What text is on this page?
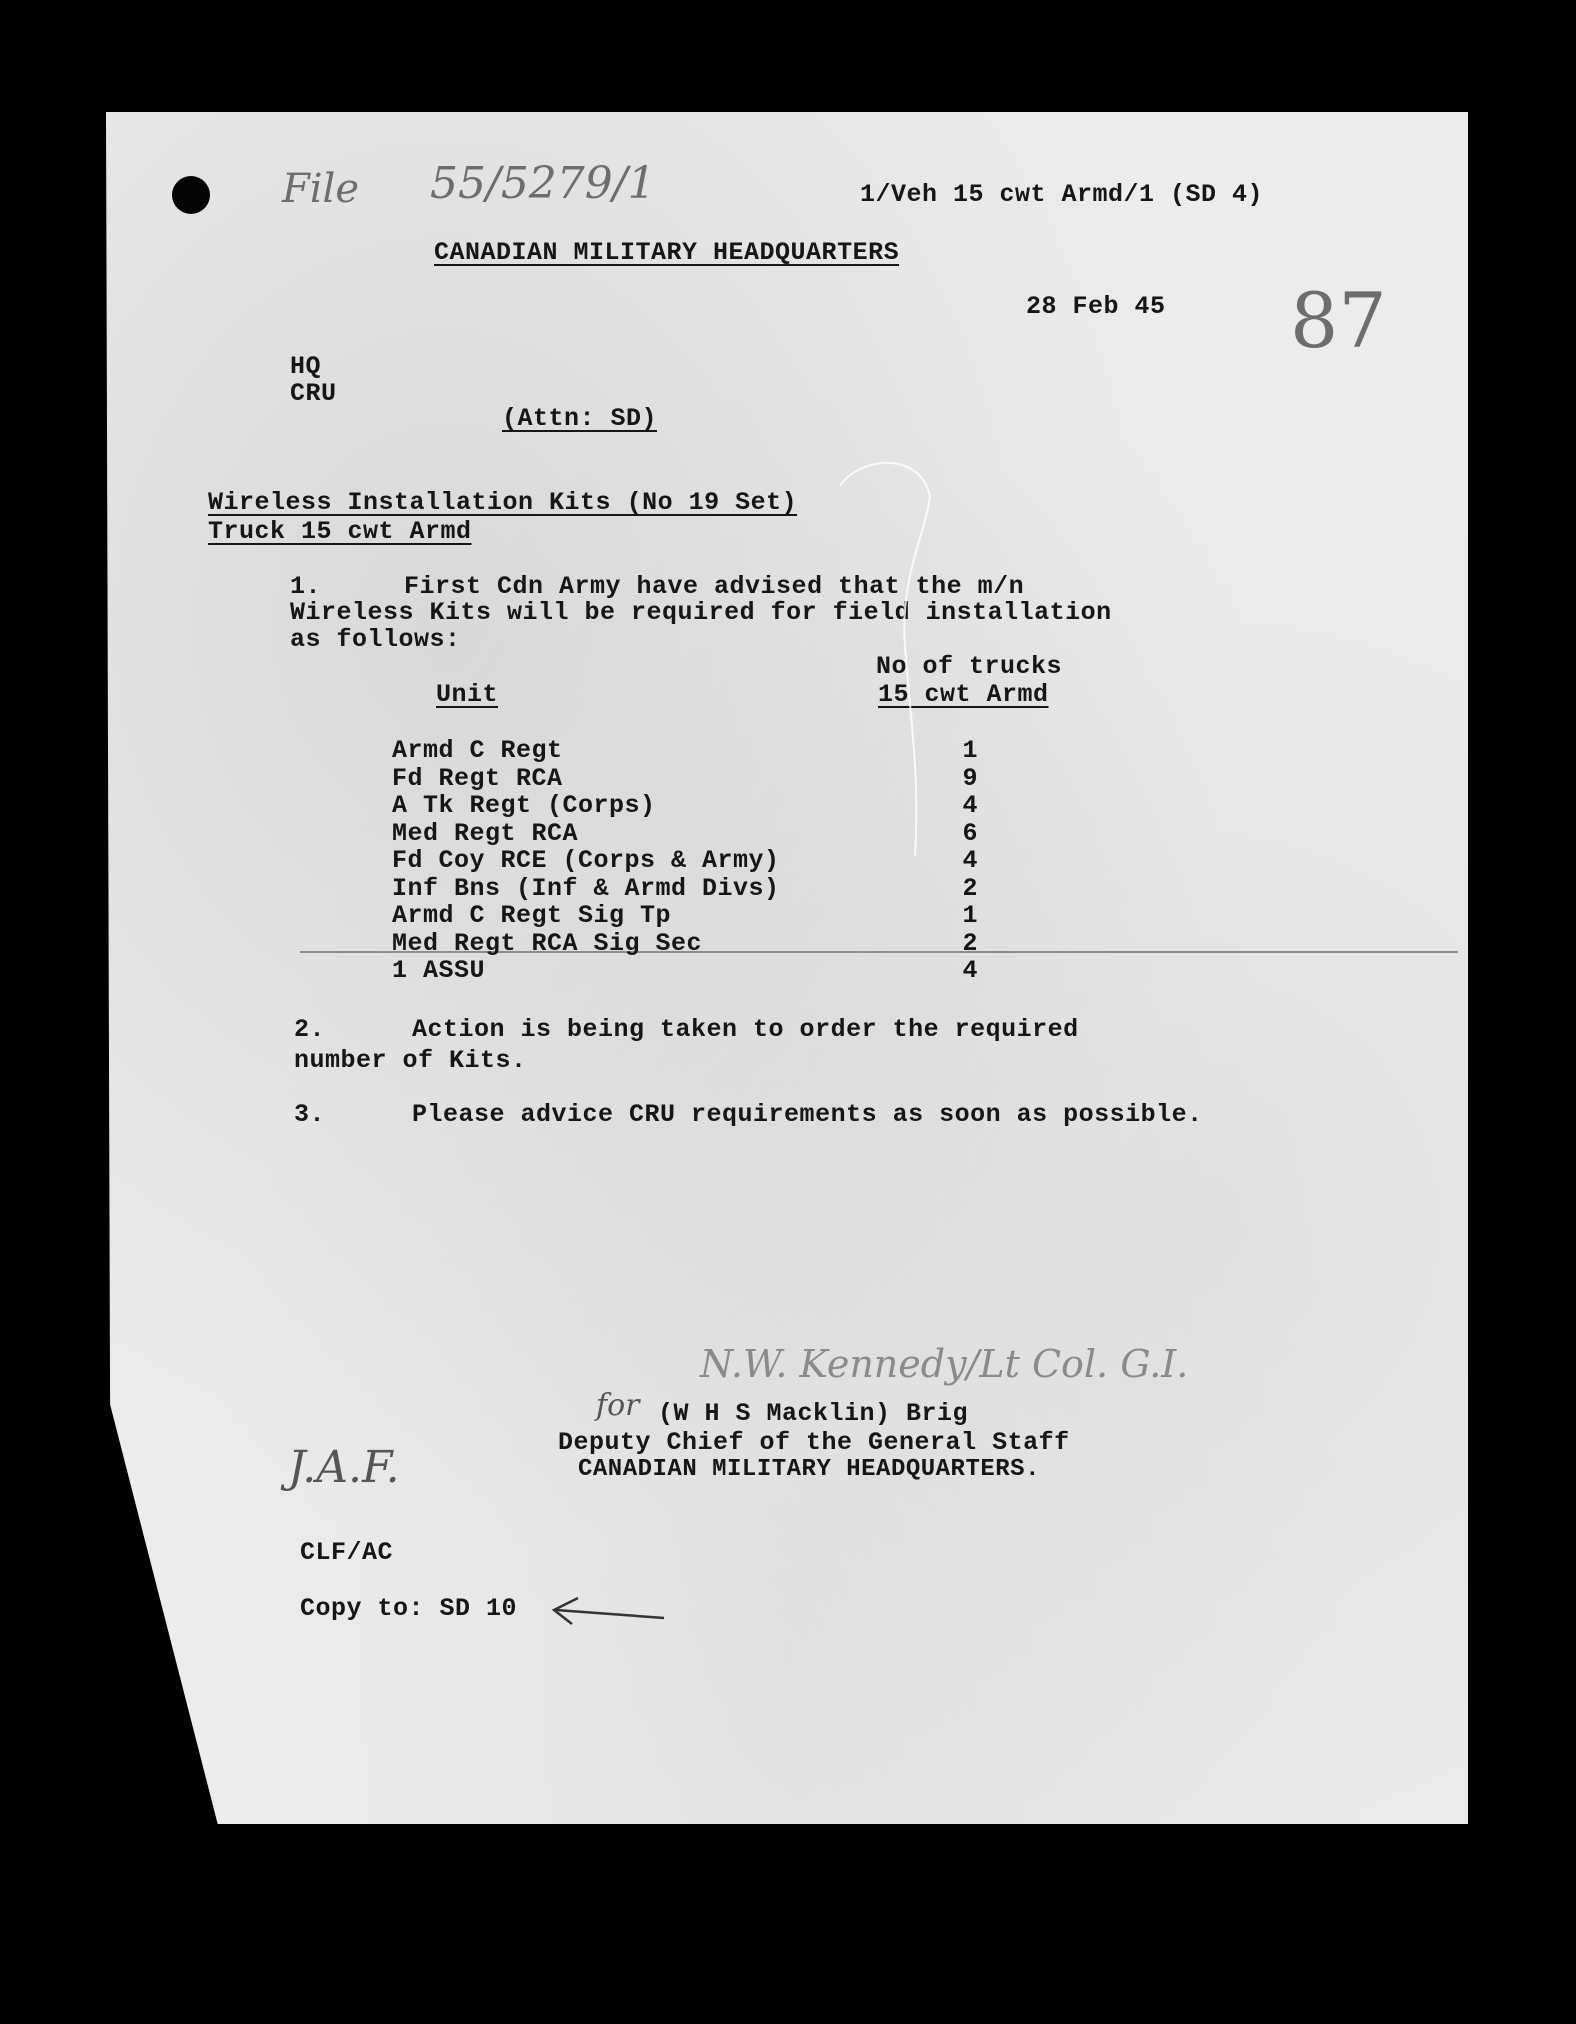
File 55/5279/1	1/Veh 15 cwt Armd/1 (SD 4)
CANADIAN MILITARY HEADQUARTERS
28 Feb 45 87
HQ
CRU
(Attn: SD)
Wireless Installation Kits (No 19 Set)
Truck 15 cwt Armd
1.	First Cdn Army have advised that the m/n
Wireless Kits will be required for field installation
as follows:
No of trucks
Unit	15 cwt Armd
Armd C Regt	1
Fd Regt RCA	9
A Tk Regt (Corps)	4
Med Regt RCA	6
Fd Coy RCE (Corps & Army)	4
Inf Bns (Inf & Armd Divs)	2
Armd C Regt Sig Tp	1
Med Regt RCA Sig Sec	2
1 ASSU	4
2.	Action is being taken to order the required
number of Kits.
3.	Please advice CRU requirements as soon as possible.
N.W. Kennedy/Lt Col. G.I.
for (W H S Macklin) Brig
Deputy Chief of the General Staff
CANADIAN MILITARY HEADQUARTERS.
J.A.F.
CLF/AC
Copy to: SD 10
